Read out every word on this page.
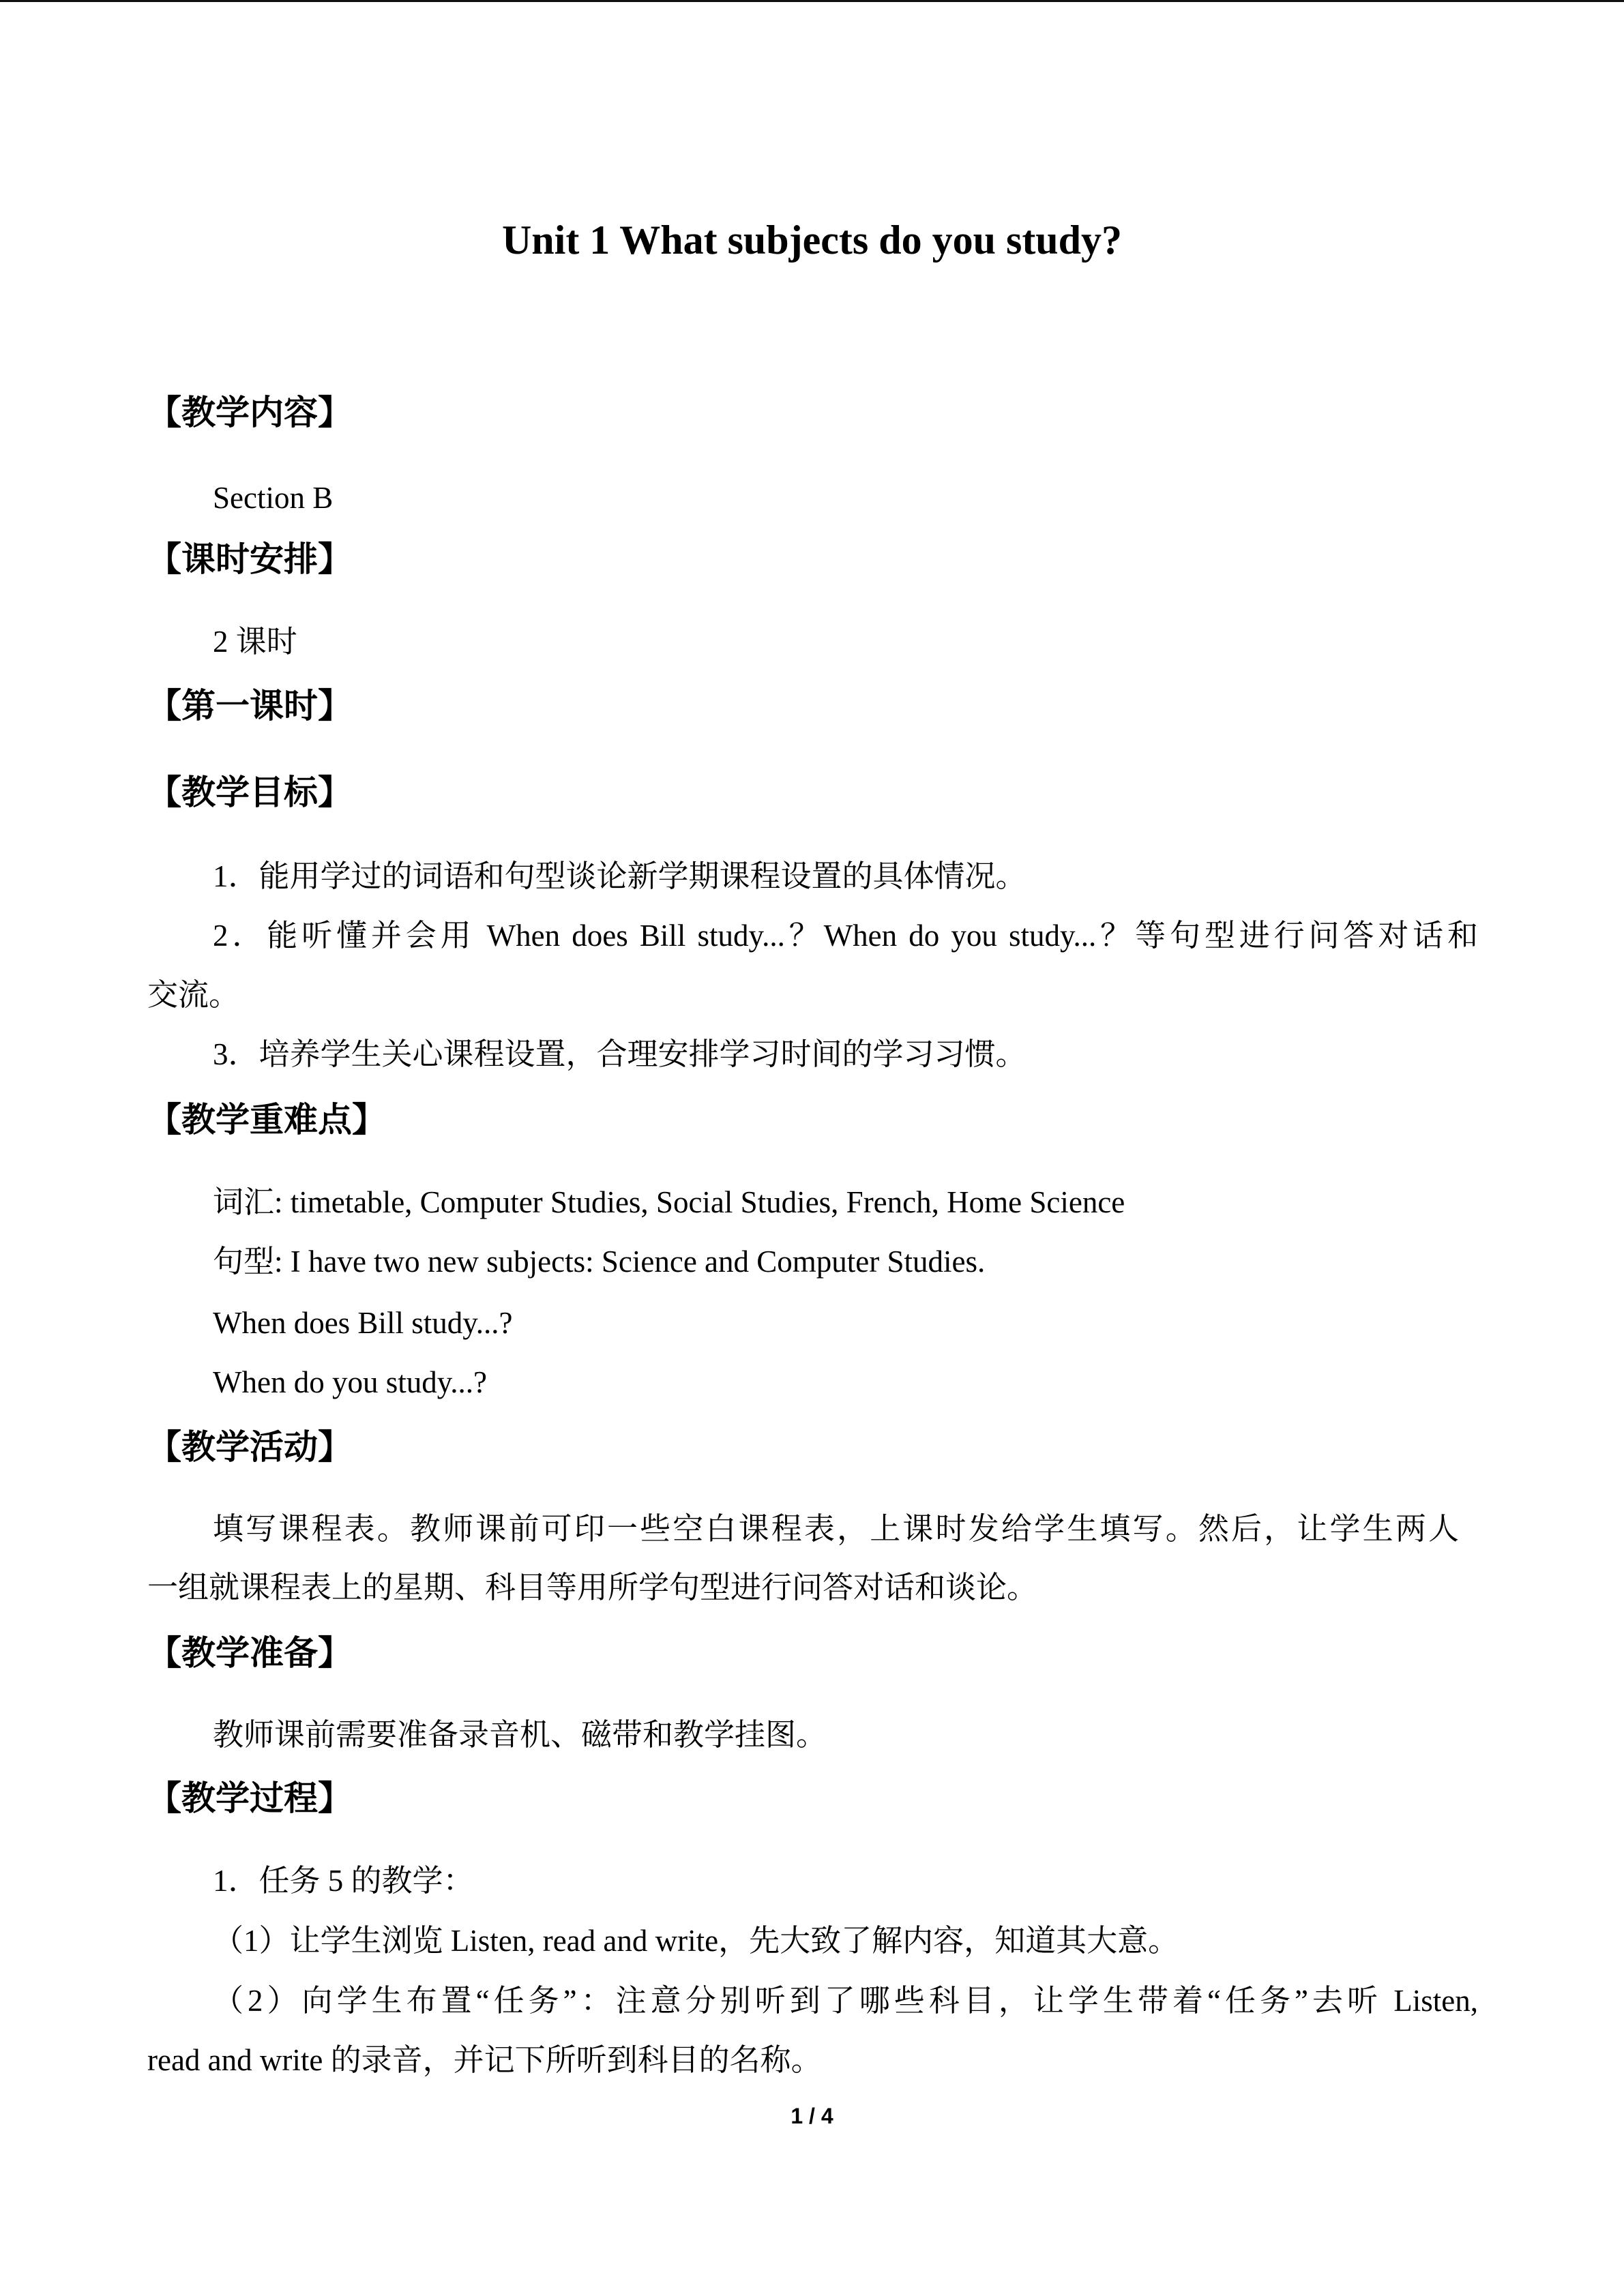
Unit 1 What subjects do you study?
【教学内容】
Section B
【课时安排】
2 课时
【第一课时】
【教学目标】
1．能用学过的词语和句型谈论新学期课程设置的具体情况。
2．能听懂并会用 When does Bill study...？When do you study...？等句型进行问答对话和
交流。
3．培养学生关心课程设置，合理安排学习时间的学习习惯。
【教学重难点】
词汇: timetable, Computer Studies, Social Studies, French, Home Science
句型: I have two new subjects: Science and Computer Studies.
When does Bill study...?
When do you study...?
【教学活动】
填写课程表。教师课前可印一些空白课程表，上课时发给学生填写。然后，让学生两人
一组就课程表上的星期、科目等用所学句型进行问答对话和谈论。
【教学准备】
教师课前需要准备录音机、磁带和教学挂图。
【教学过程】
1．任务 5 的教学：
（1）让学生浏览 Listen, read and write，先大致了解内容，知道其大意。
（2）向学生布置“任务”：注意分别听到了哪些科目，让学生带着“任务”去听 Listen,
read and write 的录音，并记下所听到科目的名称。
1 / 4
